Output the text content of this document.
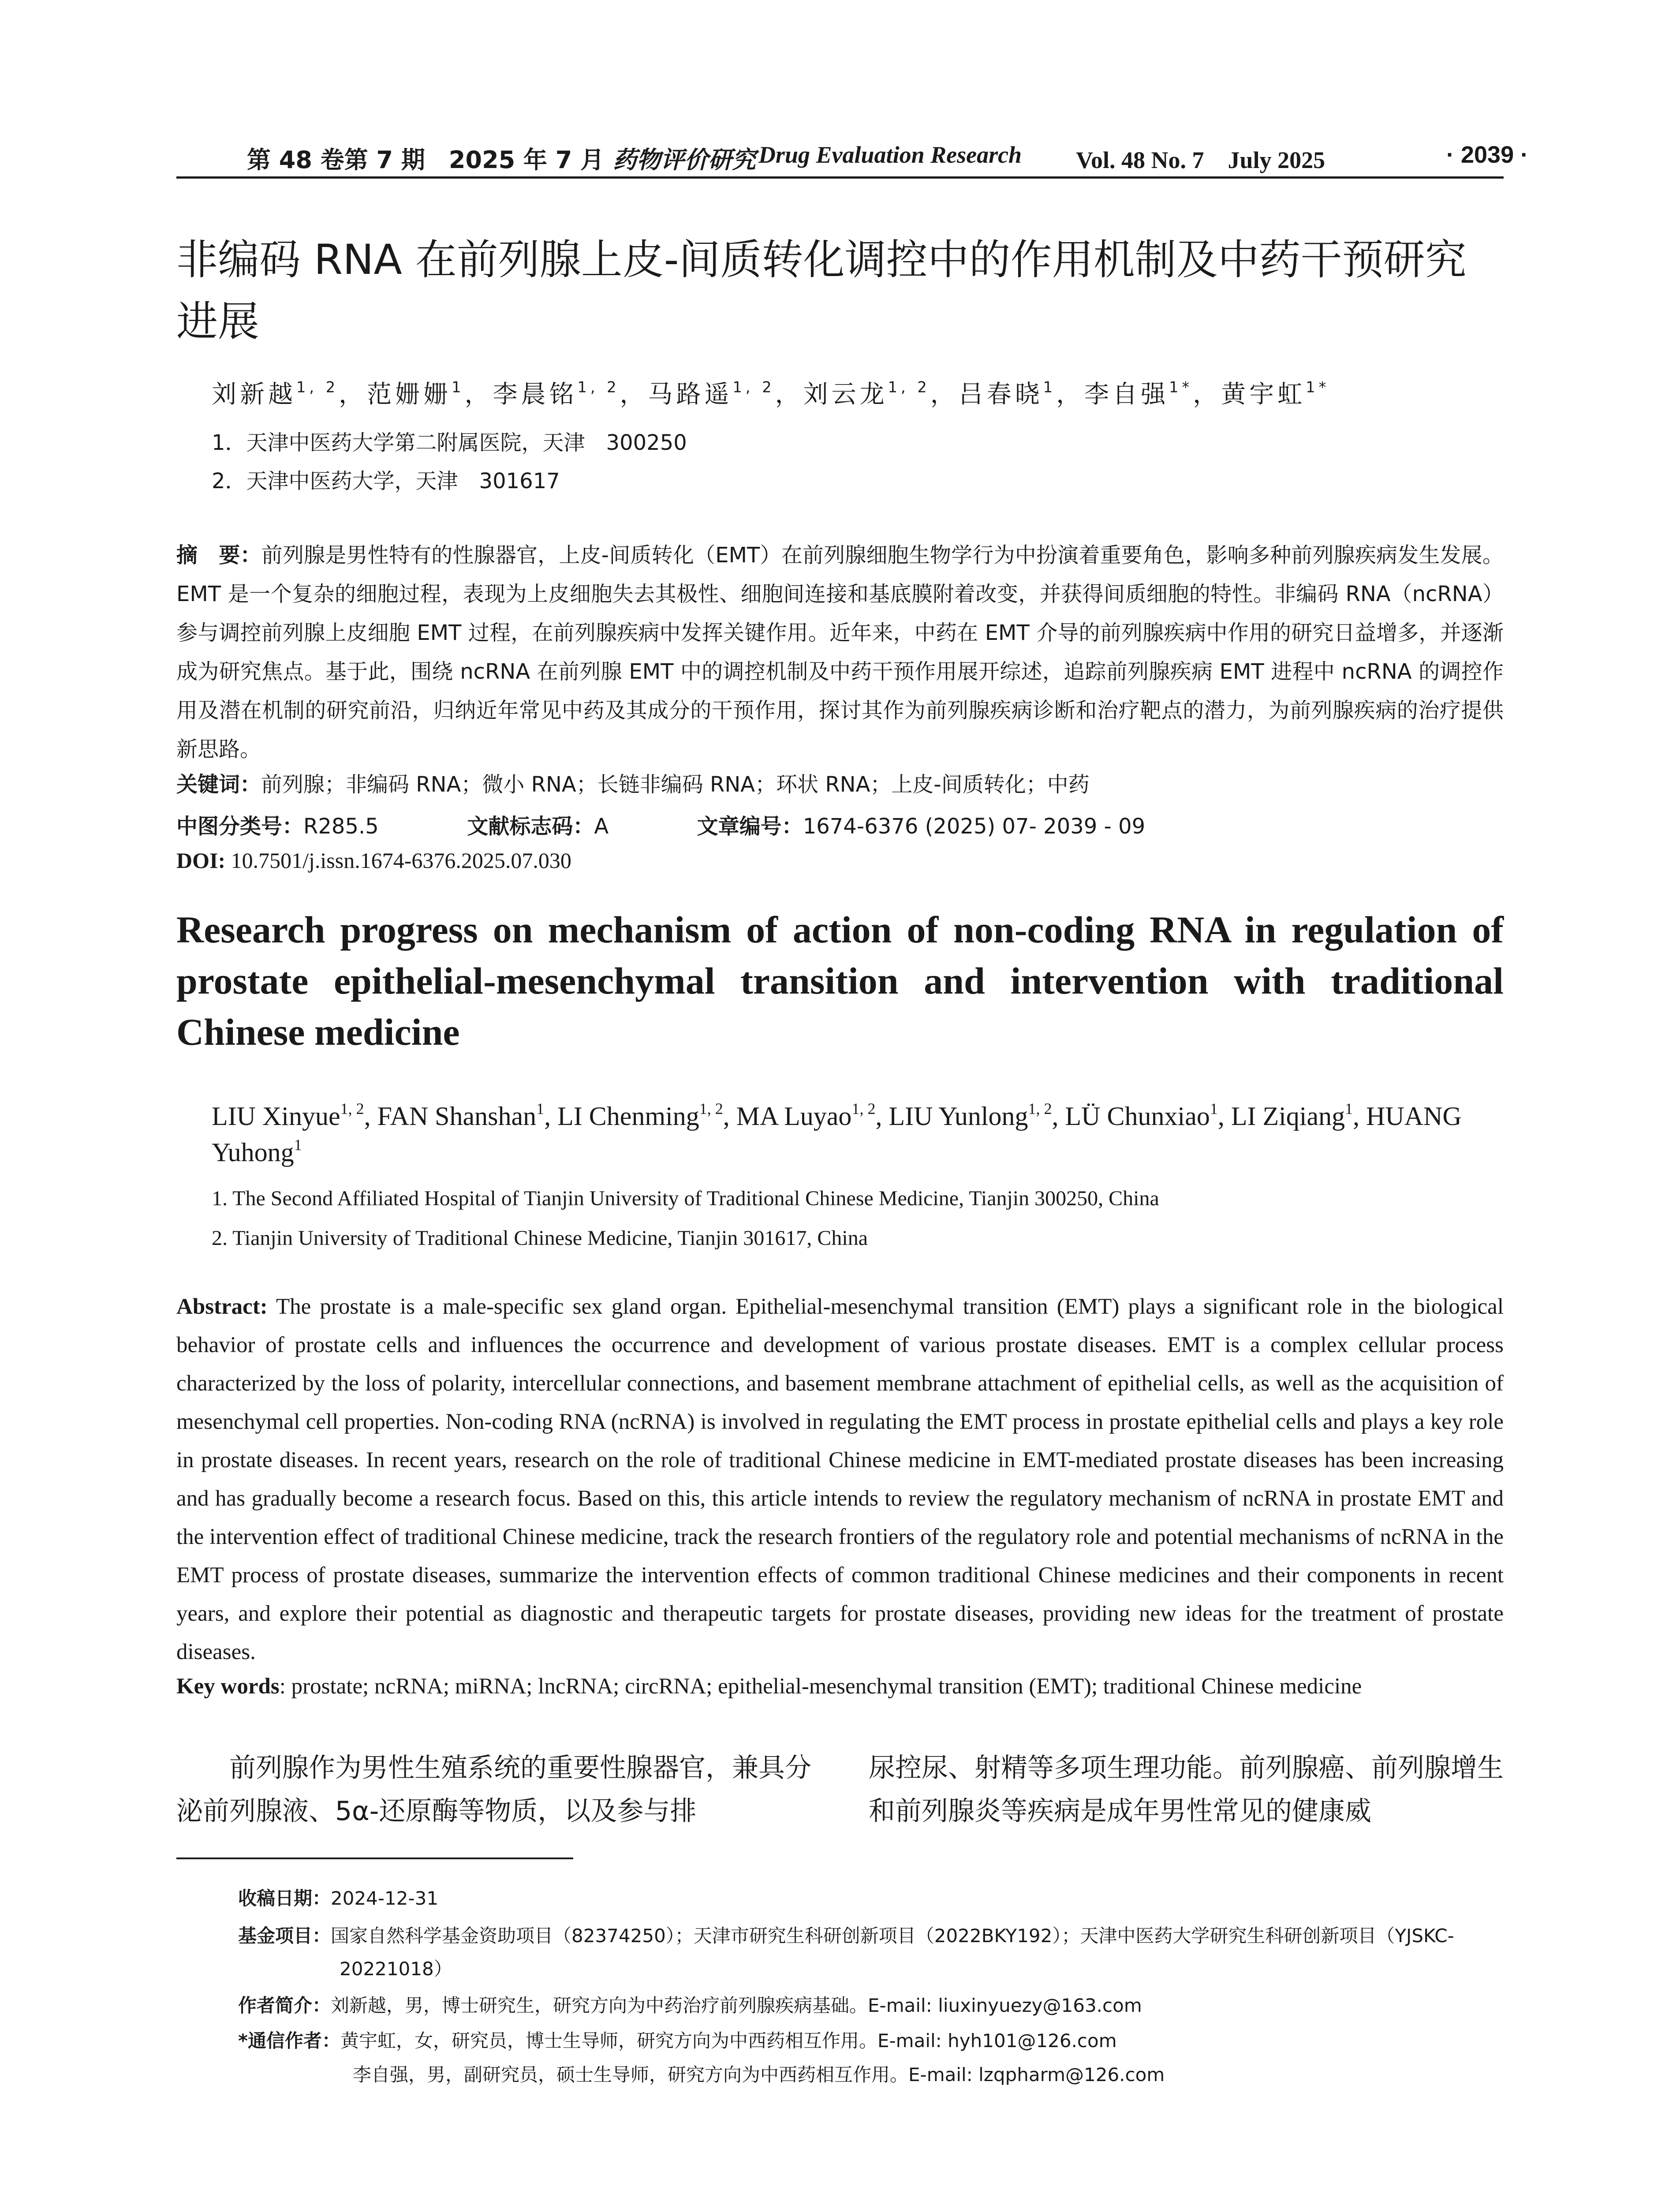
第 48 卷第 7 期　2025 年 7 月 药物评价研究 Drug Evaluation Research Vol. 48 No. 7　July 2025	· 2039 ·
非编码 RNA 在前列腺上皮-间质转化调控中的作用机制及中药干预研究进展
刘新越$^{1, 2}$，范姗姗$^1$，李晨铭$^{1, 2}$，马路遥$^{1, 2}$，刘云龙$^{1, 2}$，吕春晓$^1$，李自强$^{1*}$，黄宇虹$^{1*}$
1．天津中医药大学第二附属医院，天津　300250
2．天津中医药大学，天津　301617
摘　要：前列腺是男性特有的性腺器官，上皮-间质转化（EMT）在前列腺细胞生物学行为中扮演着重要角色，影响多种前列腺疾病发生发展。EMT 是一个复杂的细胞过程，表现为上皮细胞失去其极性、细胞间连接和基底膜附着改变，并获得间质细胞的特性。非编码 RNA（ncRNA）参与调控前列腺上皮细胞 EMT 过程，在前列腺疾病中发挥关键作用。近年来，中药在 EMT 介导的前列腺疾病中作用的研究日益增多，并逐渐成为研究焦点。基于此，围绕 ncRNA 在前列腺 EMT 中的调控机制及中药干预作用展开综述，追踪前列腺疾病 EMT 进程中 ncRNA 的调控作用及潜在机制的研究前沿，归纳近年常见中药及其成分的干预作用，探讨其作为前列腺疾病诊断和治疗靶点的潜力，为前列腺疾病的治疗提供新思路。
关键词：前列腺；非编码 RNA；微小 RNA；长链非编码 RNA；环状 RNA；上皮-间质转化；中药
中图分类号：R285.5	文献标志码：A	文章编号：1674-6376 (2025) 07- 2039 - 09
DOI: 10.7501/j.issn.1674-6376.2025.07.030
Research progress on mechanism of action of non-coding RNA in regulation of prostate epithelial-mesenchymal transition and intervention with traditional Chinese medicine
LIU Xinyue$^{1, 2}$, FAN Shanshan$^1$, LI Chenming$^{1, 2}$, MA Luyao$^{1, 2}$, LIU Yunlong$^{1, 2}$, LÜ Chunxiao$^1$, LI Ziqiang$^1$, HUANG Yuhong$^1$
1. The Second Affiliated Hospital of Tianjin University of Traditional Chinese Medicine, Tianjin 300250, China
2. Tianjin University of Traditional Chinese Medicine, Tianjin 301617, China
Abstract: The prostate is a male-specific sex gland organ. Epithelial-mesenchymal transition (EMT) plays a significant role in the biological behavior of prostate cells and influences the occurrence and development of various prostate diseases. EMT is a complex cellular process characterized by the loss of polarity, intercellular connections, and basement membrane attachment of epithelial cells, as well as the acquisition of mesenchymal cell properties. Non-coding RNA (ncRNA) is involved in regulating the EMT process in prostate epithelial cells and plays a key role in prostate diseases. In recent years, research on the role of traditional Chinese medicine in EMT-mediated prostate diseases has been increasing and has gradually become a research focus. Based on this, this article intends to review the regulatory mechanism of ncRNA in prostate EMT and the intervention effect of traditional Chinese medicine, track the research frontiers of the regulatory role and potential mechanisms of ncRNA in the EMT process of prostate diseases, summarize the intervention effects of common traditional Chinese medicines and their components in recent years, and explore their potential as diagnostic and therapeutic targets for prostate diseases, providing new ideas for the treatment of prostate diseases.
Key words: prostate; ncRNA; miRNA; lncRNA; circRNA; epithelial-mesenchymal transition (EMT); traditional Chinese medicine
前列腺作为男性生殖系统的重要性腺器官，兼具分泌前列腺液、5α-还原酶等物质，以及参与排
尿控尿、射精等多项生理功能。前列腺癌、前列腺增生和前列腺炎等疾病是成年男性常见的健康威
收稿日期：2024-12-31
基金项目：国家自然科学基金资助项目（82374250）；天津市研究生科研创新项目（2022BKY192）；天津中医药大学研究生科研创新项目（YJSKC-
20221018）
作者简介：刘新越，男，博士研究生，研究方向为中药治疗前列腺疾病基础。E-mail: liuxinyuezy@163.com
*通信作者：黄宇虹，女，研究员，博士生导师，研究方向为中西药相互作用。E-mail: hyh101@126.com
李自强，男，副研究员，硕士生导师，研究方向为中西药相互作用。E-mail: lzqpharm@126.com
